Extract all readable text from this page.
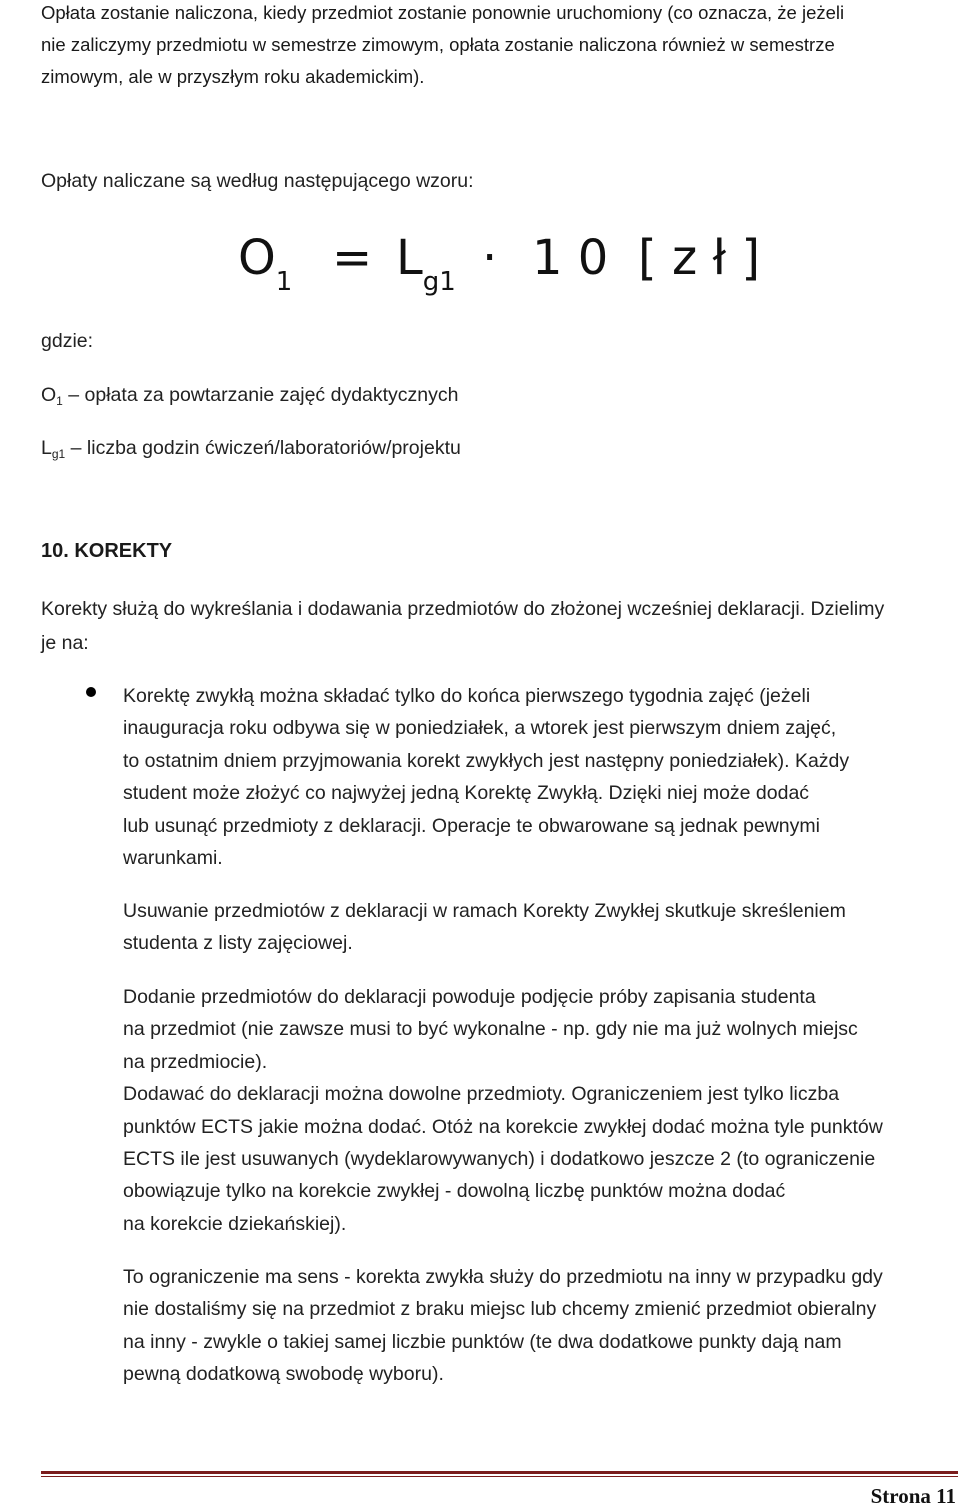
Opłata zostanie naliczona, kiedy przedmiot zostanie ponownie uruchomiony (co oznacza, że jeżeli
nie zaliczymy przedmiotu w semestrze zimowym, opłata zostanie naliczona również w semestrze
zimowym, ale w przyszłym roku akademickim).
Opłaty naliczane są według następującego wzoru:
$O_1 = L_{g1} \cdot 1$ 0 [ z ł ]
gdzie:
$O_1$ – opłata za powtarzanie zajęć dydaktycznych
$L_{g1}$ – liczba godzin ćwiczeń/laboratoriów/projektu
10. KOREKTY
Korekty służą do wykreślania i dodawania przedmiotów do złożonej wcześniej deklaracji. Dzielimy
je na:
Korektę zwykłą można składać tylko do końca pierwszego tygodnia zajęć (jeżeli
inauguracja roku odbywa się w poniedziałek, a wtorek jest pierwszym dniem zajęć,
to ostatnim dniem przyjmowania korekt zwykłych jest następny poniedziałek). Każdy
student może złożyć co najwyżej jedną Korektę Zwykłą. Dzięki niej może dodać
lub usunąć przedmioty z deklaracji. Operacje te obwarowane są jednak pewnymi
warunkami.
Usuwanie przedmiotów z deklaracji w ramach Korekty Zwykłej skutkuje skreśleniem
studenta z listy zajęciowej.
Dodanie przedmiotów do deklaracji powoduje podjęcie próby zapisania studenta
na przedmiot (nie zawsze musi to być wykonalne - np. gdy nie ma już wolnych miejsc
na przedmiocie).
Dodawać do deklaracji można dowolne przedmioty. Ograniczeniem jest tylko liczba
punktów ECTS jakie można dodać. Otóż na korekcie zwykłej dodać można tyle punktów
ECTS ile jest usuwanych (wydeklarowywanych) i dodatkowo jeszcze 2 (to ograniczenie
obowiązuje tylko na korekcie zwykłej - dowolną liczbę punktów można dodać
na korekcie dziekańskiej).
To ograniczenie ma sens - korekta zwykła służy do przedmiotu na inny w przypadku gdy
nie dostaliśmy się na przedmiot z braku miejsc lub chcemy zmienić przedmiot obieralny
na inny - zwykle o takiej samej liczbie punktów (te dwa dodatkowe punkty dają nam
pewną dodatkową swobodę wyboru).
Strona 11
